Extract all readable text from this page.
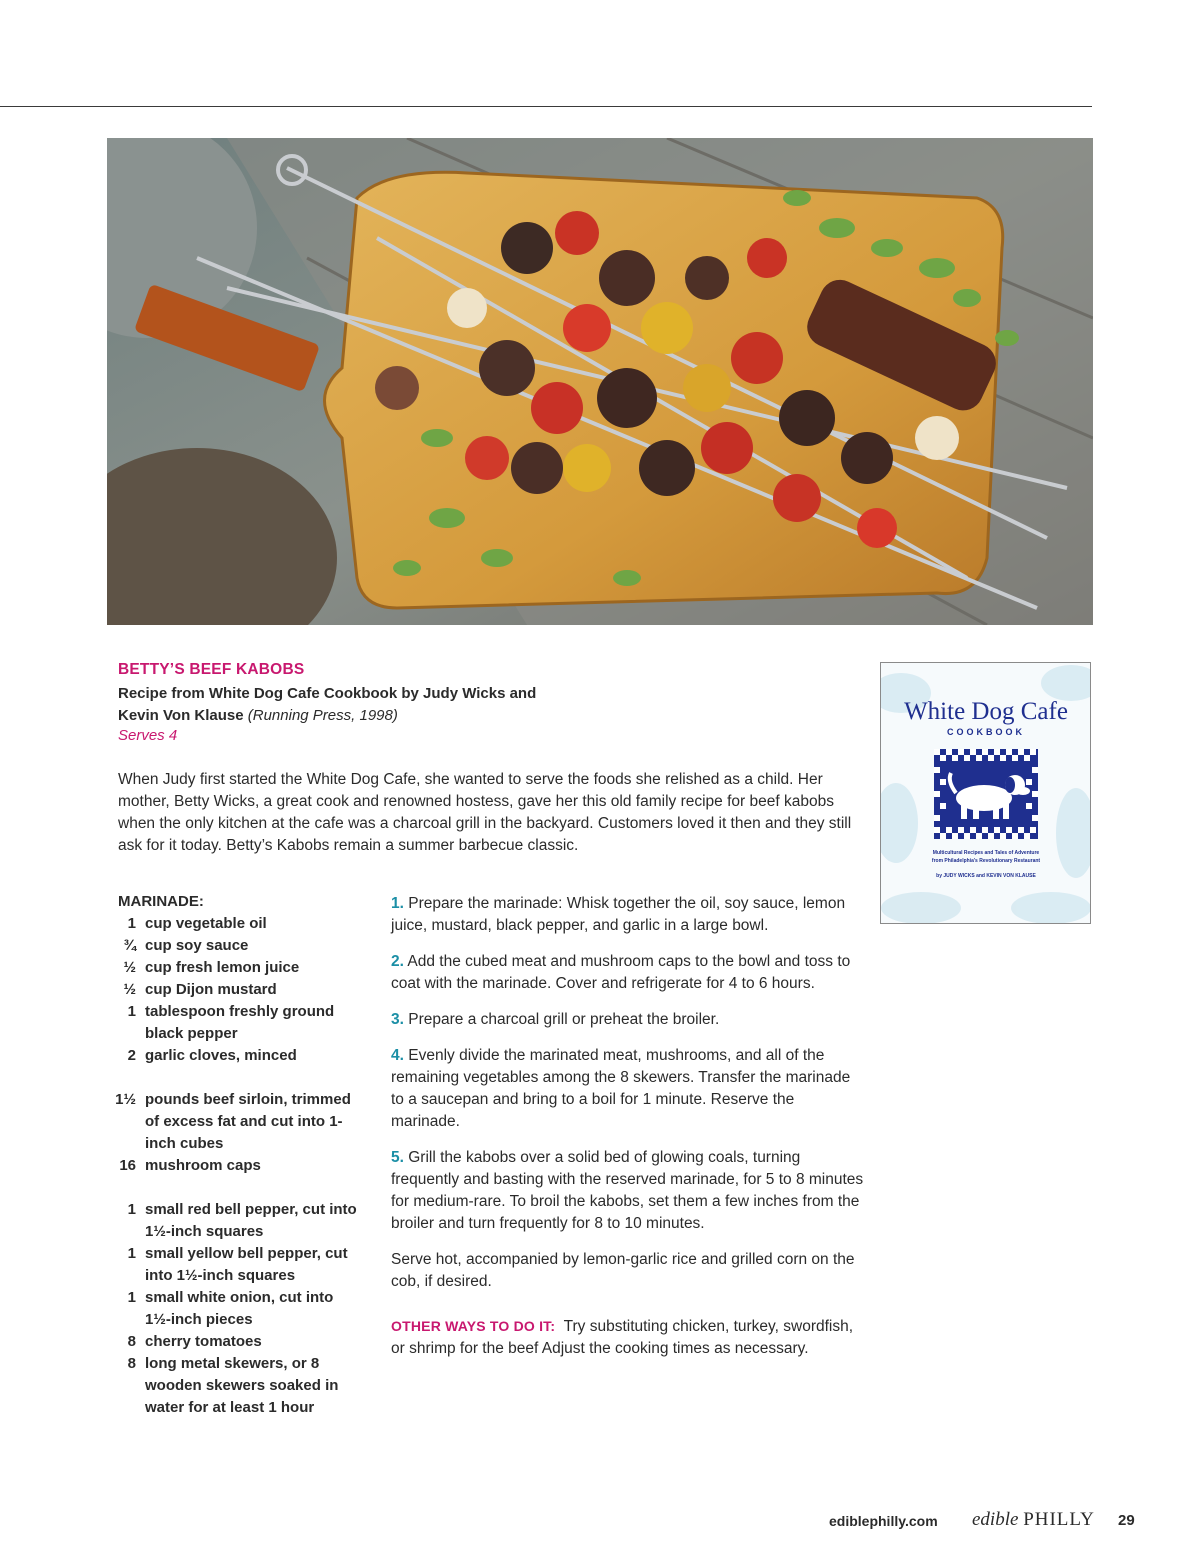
BETTY’S BEEF KABOBS
Recipe from White Dog Cafe Cookbook by Judy Wicks and Kevin Von Klause (Running Press, 1998)
Serves 4
When Judy first started the White Dog Cafe, she wanted to serve the foods she relished as a child. Her mother, Betty Wicks, a great cook and renowned hostess, gave her this old family recipe for beef kabobs when the only kitchen at the cafe was a charcoal grill in the backyard. Customers loved it then and they still ask for it today. Betty’s Kabobs remain a summer barbecue classic.
White Dog Cafe
COOKBOOK
Multicultural Recipes and Tales of Adventure
from Philadelphia’s Revolutionary Restaurant
by JUDY WICKS and KEVIN VON KLAUSE
MARINADE:
1 cup vegetable oil
¾ cup soy sauce
½ cup fresh lemon juice
½ cup Dijon mustard
1 tablespoon freshly ground black pepper
2 garlic cloves, minced
1½ pounds beef sirloin, trimmed of excess fat and cut into 1-inch cubes
16 mushroom caps
1 small red bell pepper, cut into 1½-inch squares
1 small yellow bell pepper, cut into 1½-inch squares
1 small white onion, cut into 1½-inch pieces
8 cherry tomatoes
8 long metal skewers, or 8 wooden skewers soaked in water for at least 1 hour

1. Prepare the marinade: Whisk together the oil, soy sauce, lemon juice, mustard, black pepper, and garlic in a large bowl.

2. Add the cubed meat and mushroom caps to the bowl and toss to coat with the marinade. Cover and refrigerate for 4 to 6 hours.

3. Prepare a charcoal grill or preheat the broiler.

4. Evenly divide the marinated meat, mushrooms, and all of the remaining vegetables among the 8 skewers. Transfer the marinade to a saucepan and bring to a boil for 1 minute. Reserve the marinade.

5. Grill the kabobs over a solid bed of glowing coals, turning frequently and basting with the reserved marinade, for 5 to 8 minutes for medium-rare. To broil the kabobs, set them a few inches from the broiler and turn frequently for 8 to 10 minutes.

Serve hot, accompanied by lemon-garlic rice and grilled corn on the cob, if desired.

OTHER WAYS TO DO IT: Try substituting chicken, turkey, swordfish, or shrimp for the beef Adjust the cooking times as necessary.

ediblephilly.com edible PHILLY 29
